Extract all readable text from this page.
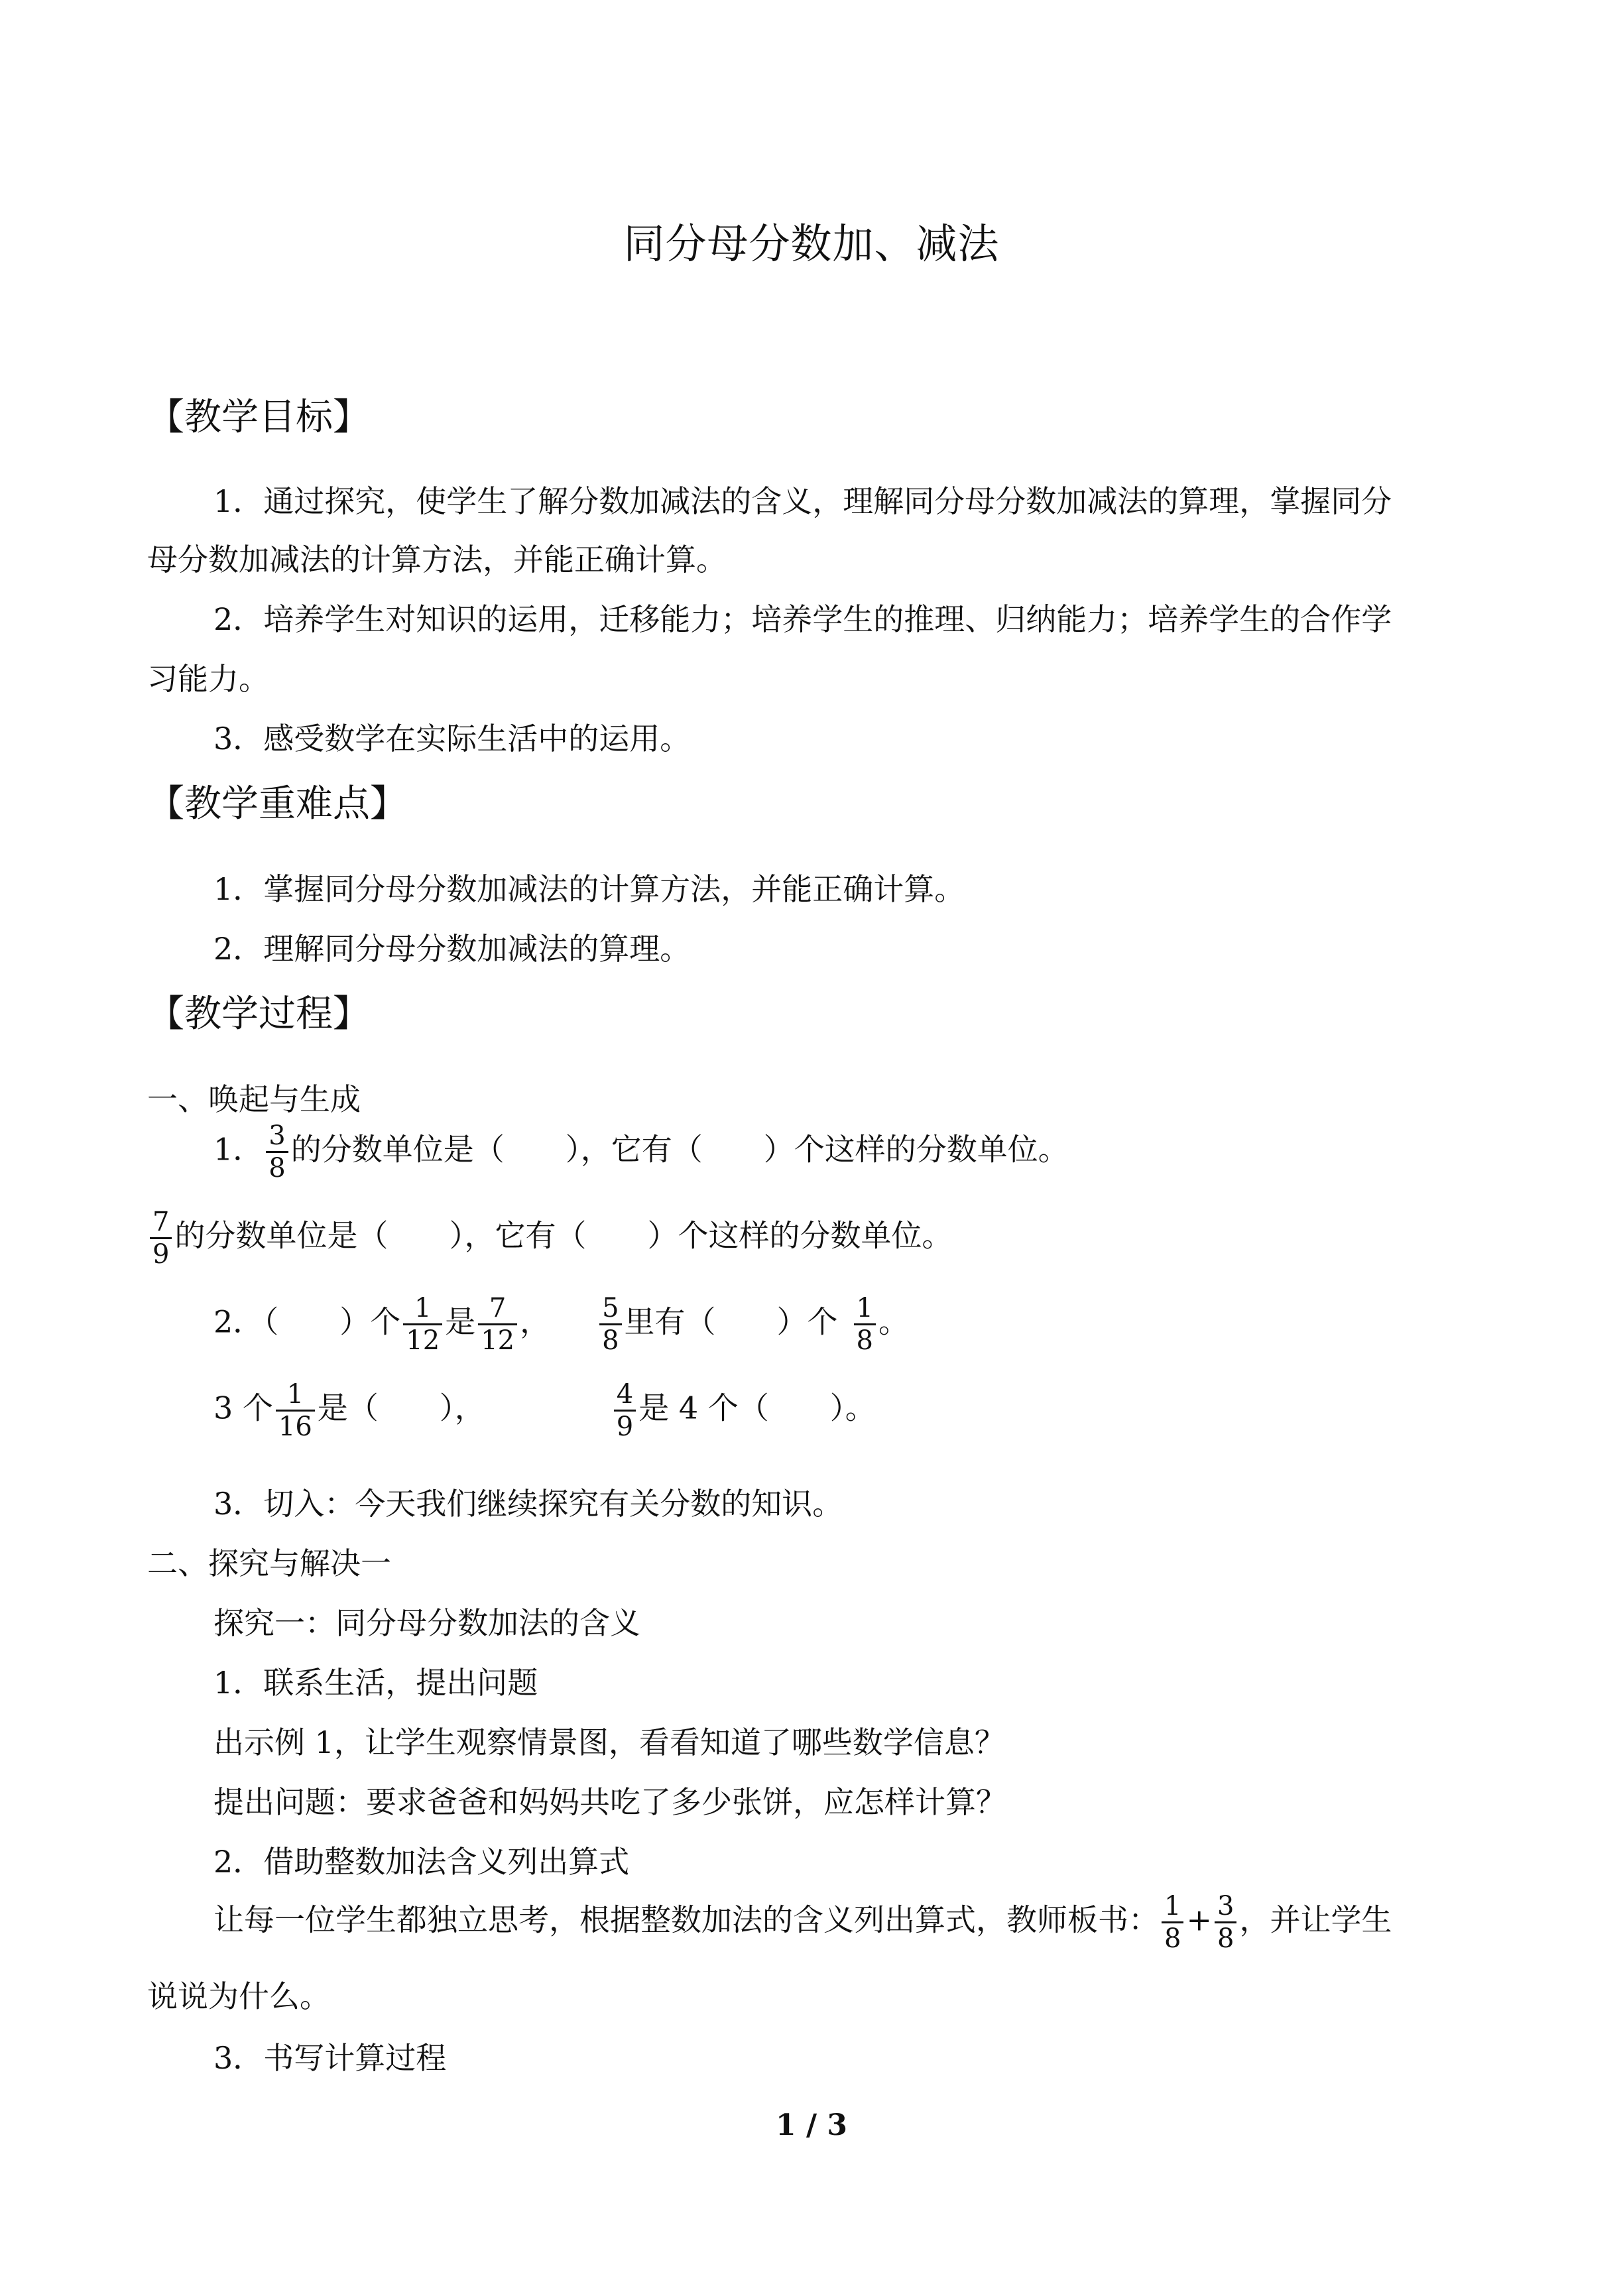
同分母分数加、减法
【教学目标】
1．通过探究，使学生了解分数加减法的含义，理解同分母分数加减法的算理，掌握同分
母分数加减法的计算方法，并能正确计算。
2．培养学生对知识的运用，迁移能力；培养学生的推理、归纳能力；培养学生的合作学
习能力。
3．感受数学在实际生活中的运用。
【教学重难点】
1．掌握同分母分数加减法的计算方法，并能正确计算。
2．理解同分母分数加减法的算理。
【教学过程】
一、唤起与生成
1． $\frac{3}{8}$ 的分数单位是（　　），它有（　　）个这样的分数单位。
$\frac{7}{9}$ 的分数单位是（　　），它有（　　）个这样的分数单位。
2．（　　）个 $\frac{1}{12}$ 是 $\frac{7}{12}$ ， $\frac{5}{8}$ 里有（　　）个 $\frac{1}{8}$ 。
3 个 $\frac{1}{16}$ 是（　　），	$\frac{4}{9}$ 是 4 个（　　）。
3．切入：今天我们继续探究有关分数的知识。
二、探究与解决一
探究一：同分母分数加法的含义
1．联系生活，提出问题
出示例 1，让学生观察情景图，看看知道了哪些数学信息？
提出问题：要求爸爸和妈妈共吃了多少张饼，应怎样计算？
2．借助整数加法含义列出算式
让每一位学生都独立思考，根据整数加法的含义列出算式，教师板书： $\frac{1}{8} + \frac{3}{8}$ ，并让学生
说说为什么。
3．书写计算过程
1 / 3
